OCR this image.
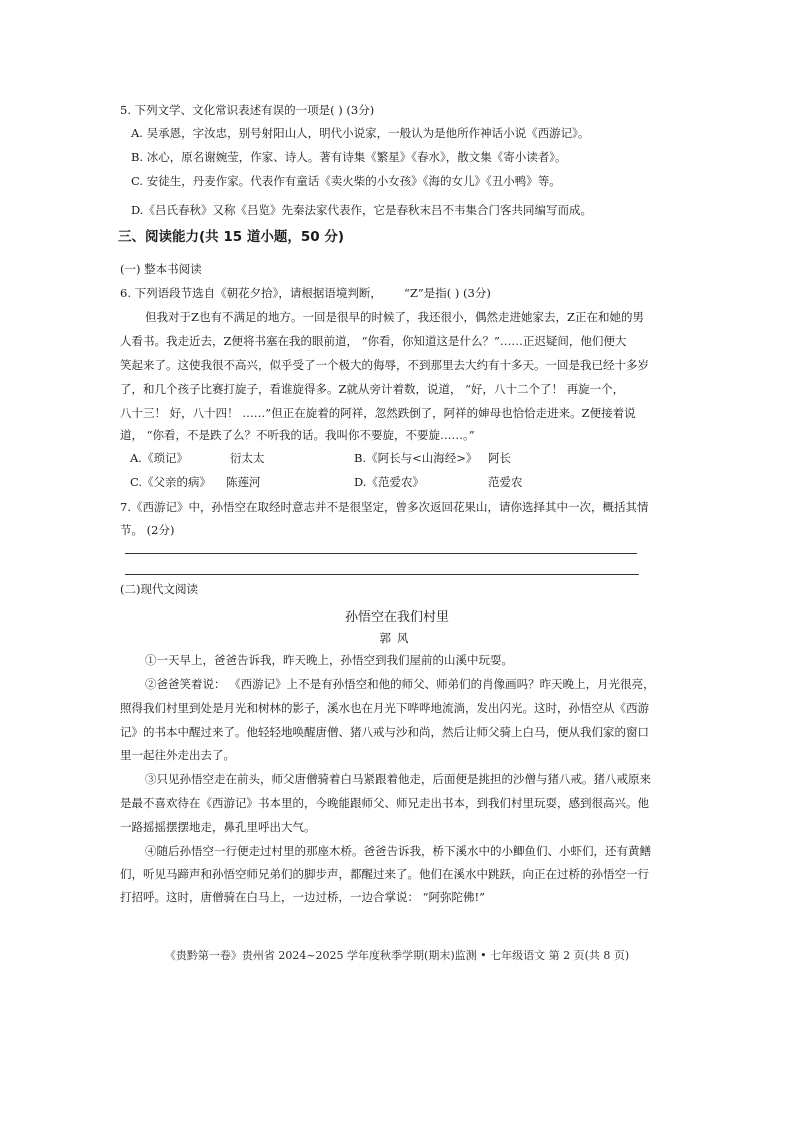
5. 下列文学、文化常识表述有误的一项是( ) (3分)
A. 吴承恩，字汝忠，别号射阳山人，明代小说家，一般认为是他所作神话小说《西游记》。
B. 冰心，原名谢婉莹，作家、诗人。著有诗集《繁星》《春水》，散文集《寄小读者》。
C. 安徒生，丹麦作家。代表作有童话《卖火柴的小女孩》《海的女儿》《丑小鸭》等。
D.《吕氏春秋》又称《吕览》先秦法家代表作，它是春秋末吕不韦集合门客共同编写而成。
三、阅读能力(共 15 道小题，50 分)
(一) 整本书阅读
6. 下列语段节选自《朝花夕拾》，请根据语境判断， “Z”是指( ) (3分)
但我对于Z也有不满足的地方。一回是很早的时候了，我还很小，偶然走进她家去，Z正在和她的男
人看书。我走近去，Z便将书塞在我的眼前道， “你看，你知道这是什么？”……正迟疑间，他们便大
笑起来了。这使我很不高兴，似乎受了一个极大的侮辱，不到那里去大约有十多天。一回是我已经十多岁
了，和几个孩子比赛打旋子，看谁旋得多。Z就从旁计着数，说道， “好，八十二个了！ 再旋一个，
八十三！ 好，八十四！ ……”但正在旋着的阿祥，忽然跌倒了，阿祥的婶母也恰恰走进来。Z便接着说
道， “你看，不是跌了么？不听我的话。我叫你不要旋，不要旋……。”
A.《琐记》	衍太太	B.《阿长与<山海经>》 阿长
C.《父亲的病》 陈莲河	D.《范爱农》	范爱农
7.《西游记》中，孙悟空在取经时意志并不是很坚定，曾多次返回花果山，请你选择其中一次，概括其情
节。 (2分)
(二)现代文阅读
孙悟空在我们村里
郭风
①一天早上，爸爸告诉我，昨天晚上，孙悟空到我们屋前的山溪中玩耍。
②爸爸笑着说： 《西游记》上不是有孙悟空和他的师父、师弟们的肖像画吗？昨天晚上，月光很亮，
照得我们村里到处是月光和树林的影子，溪水也在月光下哗哗地流淌，发出闪光。这时，孙悟空从《西游
记》的书本中醒过来了。他轻轻地唤醒唐僧、猪八戒与沙和尚，然后让师父骑上白马，便从我们家的窗口
里一起往外走出去了。
③只见孙悟空走在前头，师父唐僧骑着白马紧跟着他走，后面便是挑担的沙僧与猪八戒。猪八戒原来
是最不喜欢待在《西游记》书本里的，今晚能跟师父、师兄走出书本，到我们村里玩耍，感到很高兴。他
一路摇摇摆摆地走，鼻孔里呼出大气。
④随后孙悟空一行便走过村里的那座木桥。爸爸告诉我，桥下溪水中的小鲫鱼们、小虾们，还有黄鳝
们，听见马蹄声和孙悟空师兄弟们的脚步声，都醒过来了。他们在溪水中跳跃，向正在过桥的孙悟空一行
打招呼。这时，唐僧骑在白马上，一边过桥，一边合掌说： “阿弥陀佛!”
《贵黔第一卷》贵州省 2024~2025 学年度秋季学期(期末)监测 • 七年级语文 第 2 页(共 8 页)
